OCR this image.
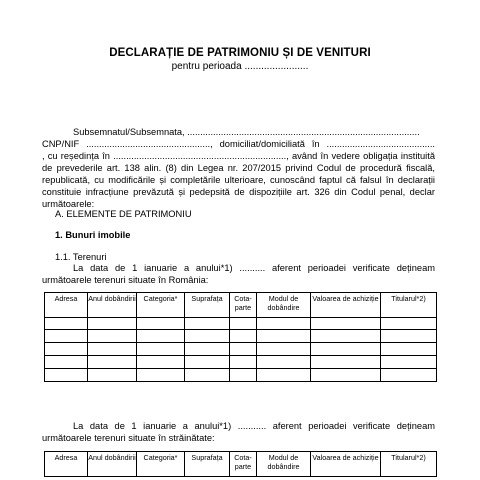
DECLARAȚIE DE PATRIMONIU ȘI DE VENITURI
pentru perioada .......................
Subsemnatul/Subsemnata, ..........................................................................................
CNP/NIF ................................................, domiciliat/domiciliată în ..........................................
, cu reședința în ..................................................................., având în vedere obligația instituită
de prevederile art. 138 alin. (8) din Legea nr. 207/2015 privind Codul de procedură fiscală,
republicată, cu modificările și completările ulterioare, cunoscând faptul că falsul în declarații
constituie infracțiune prevăzută și pedepsită de dispozițiile art. 326 din Codul penal, declar
următoarele:
A. ELEMENTE DE PATRIMONIU
1. Bunuri imobile
1.1. Terenuri
La data de 1 ianuarie a anului*1) .......... aferent perioadei verificate dețineam
următoarele terenuri situate în România:
Adresa	Anul dobândirii	Categoria*	Suprafața	Cota-parte	Modul de dobândire	Valoarea de achiziție	Titularul*2)

La data de 1 ianuarie a anului*1) ........... aferent perioadei verificate dețineam
următoarele terenuri situate în străinătate:
Adresa	Anul dobândirii	Categoria*	Suprafața	Cota-parte	Modul de dobândire	Valoarea de achiziție	Titularul*2)
